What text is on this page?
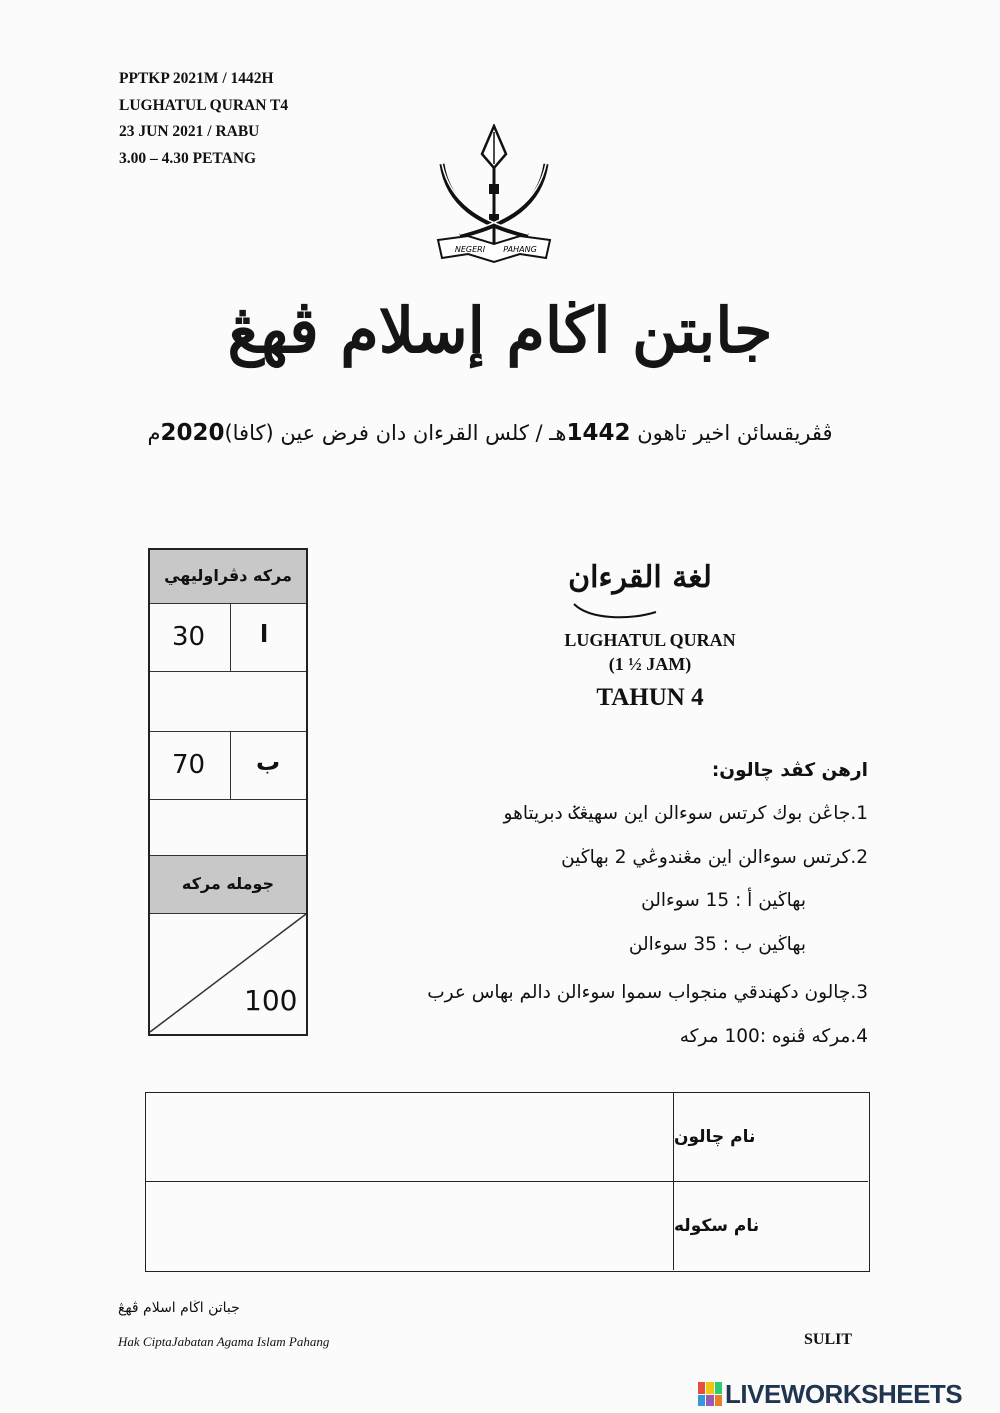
PPTKP 2021M / 1442H
LUGHATUL QURAN T4
23 JUN 2021 / RABU
3.00 – 4.30 PETANG
NEGERI PAHANG
جابتن اڬام إسلام ڤهڠ
ڤڤريقسائن اخير تاهون 1442هـ / كلس القرءان دان فرض عين (كافا)2020م
مركه دڤراوليهي
30 ا
70 ب
جومله مركه
100
لغة القرءان
LUGHATUL QURAN
(1 ½ JAM)
TAHUN 4
ارهن كڤد چالون:
1.جاڠن بوك كرتس سوءالن اين سهيڠݢ دبريتاهو
2.كرتس سوءالن اين مڠندوڠي 2 بهاڬين
بهاڬين أ : 15 سوءالن
بهاڬين ب : 35 سوءالن
3.چالون دكهندقي منجواب سموا سوءالن دالم بهاس عرب
4.مركه ڤنوه :100 مركه
نام چالون
نام سكوله
جباتن اڬام اسلام ڤهڠ
Hak CiptaJabatan Agama Islam Pahang	SULIT
LIVEWORKSHEETS
